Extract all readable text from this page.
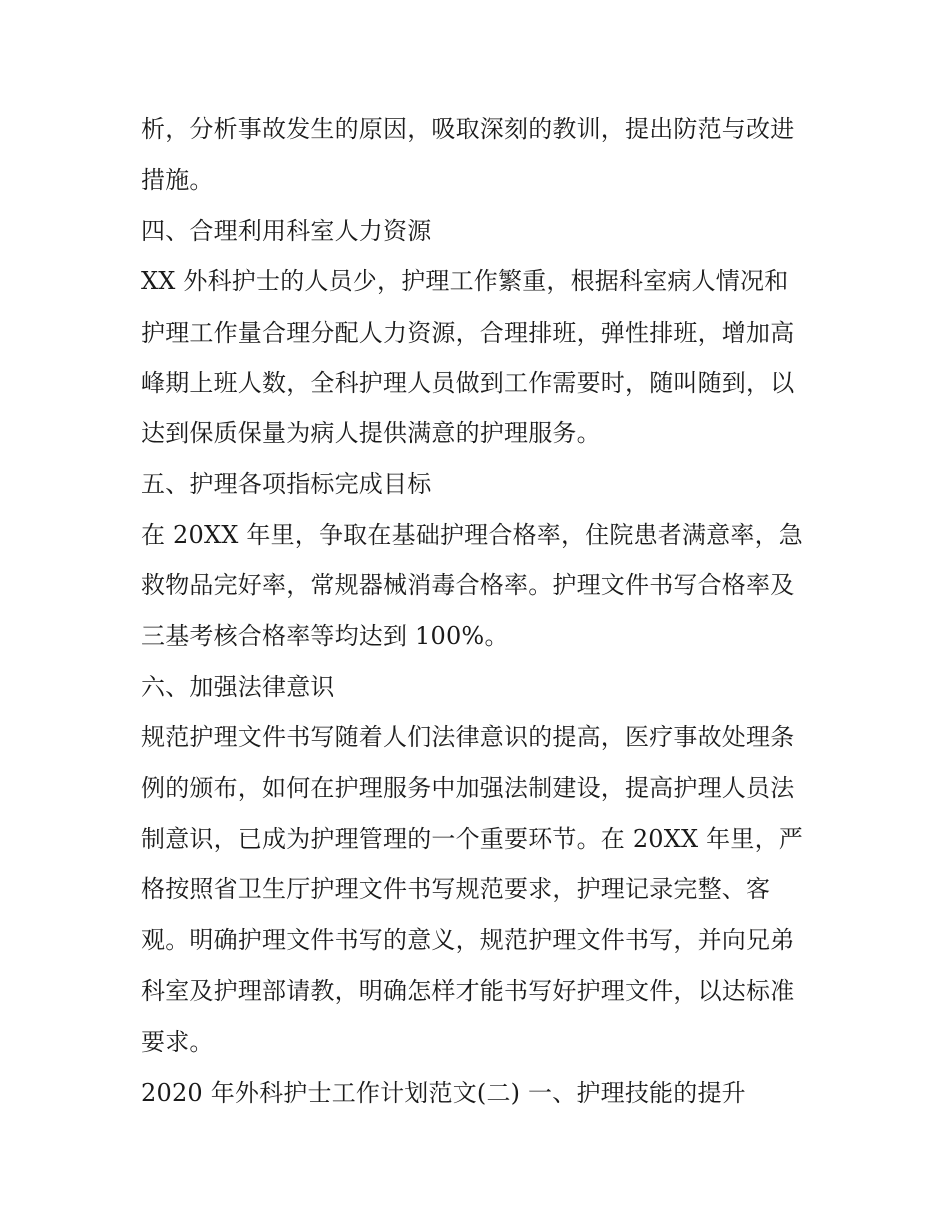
析，分析事故发生的原因，吸取深刻的教训，提出防范与改进
措施。
四、合理利用科室人力资源
XX 外科护士的人员少，护理工作繁重，根据科室病人情况和
护理工作量合理分配人力资源，合理排班，弹性排班，增加高
峰期上班人数，全科护理人员做到工作需要时，随叫随到，以
达到保质保量为病人提供满意的护理服务。
五、护理各项指标完成目标
在 20XX 年里，争取在基础护理合格率，住院患者满意率，急
救物品完好率，常规器械消毒合格率。护理文件书写合格率及
三基考核合格率等均达到 100%。
六、加强法律意识
规范护理文件书写随着人们法律意识的提高，医疗事故处理条
例的颁布，如何在护理服务中加强法制建设，提高护理人员法
制意识，已成为护理管理的一个重要环节。在 20XX 年里，严
格按照省卫生厅护理文件书写规范要求，护理记录完整、客
观。明确护理文件书写的意义，规范护理文件书写，并向兄弟
科室及护理部请教，明确怎样才能书写好护理文件，以达标准
要求。
2020 年外科护士工作计划范文(二) 一、护理技能的提升
